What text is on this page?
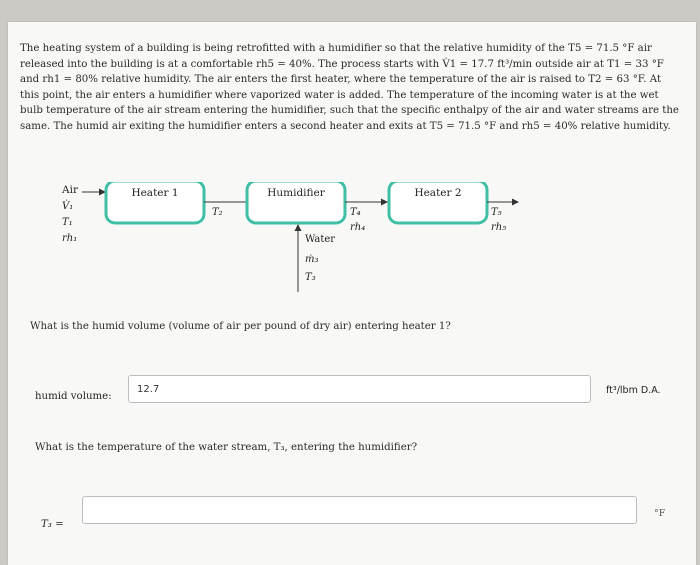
The heating system of a building is being retrofitted with a humidifier so that the relative humidity of the T5 = 71.5 °F air released into the building is at a comfortable rh5 = 40%. The process starts with V̇1 = 17.7 ft³/min outside air at T1 = 33 °F and rh1 = 80% relative humidity. The air enters the first heater, where the temperature of the air is raised to T2 = 63 °F. At this point, the air enters a humidifier where vaporized water is added. The temperature of the incoming water is at the wet bulb temperature of the air stream entering the humidifier, such that the specific enthalpy of the air and water streams are the same. The humid air exiting the humidifier enters a second heater and exits at T5 = 71.5 °F and rh5 = 40% relative humidity.
Air
V̇₁
T₁
rh₁
Heater 1
T₂
Humidifier
Water
ṁ₃
T₃
T₄
rh₄
Heater 2
T₅
rh₅
What is the humid volume (volume of air per pound of dry air) entering heater 1?
humid volume:
12.7
ft³/lbm D.A.
What is the temperature of the water stream, T₃, entering the humidifier?
T₃ =
°F
